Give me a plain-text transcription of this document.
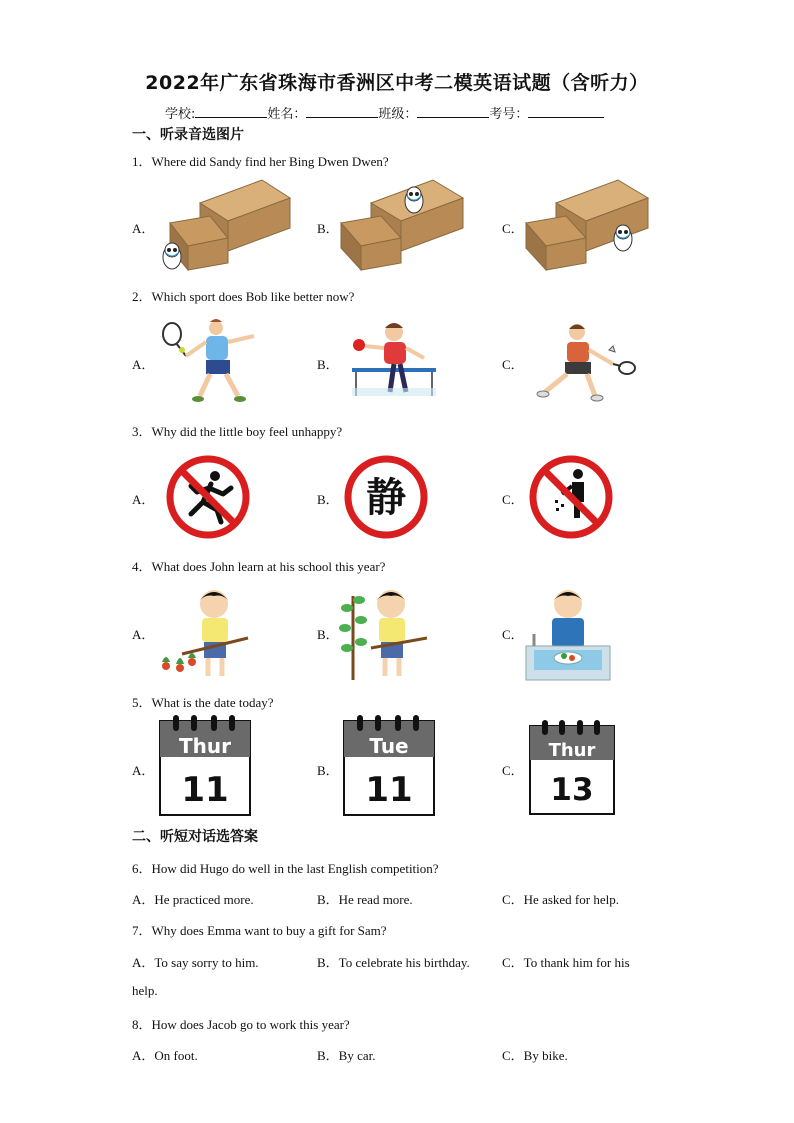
2022年广东省珠海市香洲区中考二模英语试题（含听力）
学校:	姓名：	班级：	考号：
一、听录音选图片
1．Where did Sandy find her Bing Dwen Dwen?
A．	B．	C．
2．Which sport does Bob like better now?
A．	B．	C．
3．Why did the little boy feel unhappy?
A．	B．	C．
静
4．What does John learn at his school this year?
A．	B．	C．
5．What is the date today?
A．	B．	C．
Thur
11
Tue
11
Thur
13
二、听短对话选答案
6．How did Hugo do well in the last English competition?
A．He practiced more.	B．He read more.	C．He asked for help.
7．Why does Emma want to buy a gift for Sam?
A．To say sorry to him.	B．To celebrate his birthday. C．To thank him for his
help.
8．How does Jacob go to work this year?
A．On foot.	B．By car.	C．By bike.
